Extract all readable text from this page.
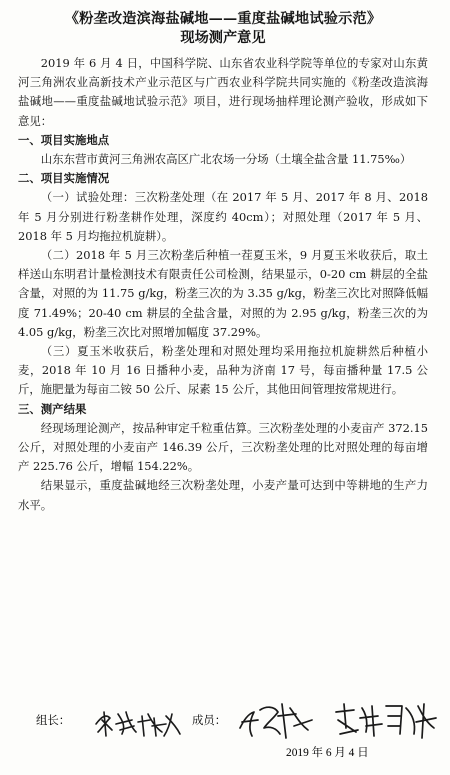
《粉垄改造滨海盐碱地——重度盐碱地试验示范》

现场测产意见

2019 年 6 月 4 日，中国科学院、山东省农业科学院等单位的专家对山东黄河三角洲农业高新技术产业示范区与广西农业科学院共同实施的《粉垄改造滨海盐碱地——重度盐碱地试验示范》项目，进行现场抽样理论测产验收，形成如下意见：

一、项目实施地点

山东东营市黄河三角洲农高区广北农场一分场（土壤全盐含量 11.75‰）

二、项目实施情况

（一）试验处理：三次粉垄处理（在 2017 年 5 月、2017 年 8 月、2018 年 5 月分别进行粉垄耕作处理，深度约 40cm）；对照处理（2017 年 5 月、2018 年 5 月均拖拉机旋耕）。

（二）2018 年 5 月三次粉垄后种植一茬夏玉米，9 月夏玉米收获后，取土样送山东明君计量检测技术有限责任公司检测，结果显示，0-20 cm 耕层的全盐含量，对照的为 11.75 g/kg，粉垄三次的为 3.35 g/kg，粉垄三次比对照降低幅度 71.49%；20-40 cm 耕层的全盐含量，对照的为 2.95 g/kg，粉垄三次的为 4.05 g/kg，粉垄三次比对照增加幅度 37.29%。

（三）夏玉米收获后，粉垄处理和对照处理均采用拖拉机旋耕然后种植小麦，2018 年 10 月 16 日播种小麦，品种为济南 17 号，每亩播种量 17.5 公斤，施肥量为每亩二铵 50 公斤、尿素 15 公斤，其他田间管理按常规进行。

三、测产结果

经现场理论测产，按品种审定千粒重估算。三次粉垄处理的小麦亩产 372.15 公斤，对照处理的小麦亩产 146.39 公斤，三次粉垄处理的比对照处理的每亩增产 225.76 公斤，增幅 154.22%。

结果显示，重度盐碱地经三次粉垄处理，小麦产量可达到中等耕地的生产力水平。

组长：	成员：
2019 年 6 月 4 日
